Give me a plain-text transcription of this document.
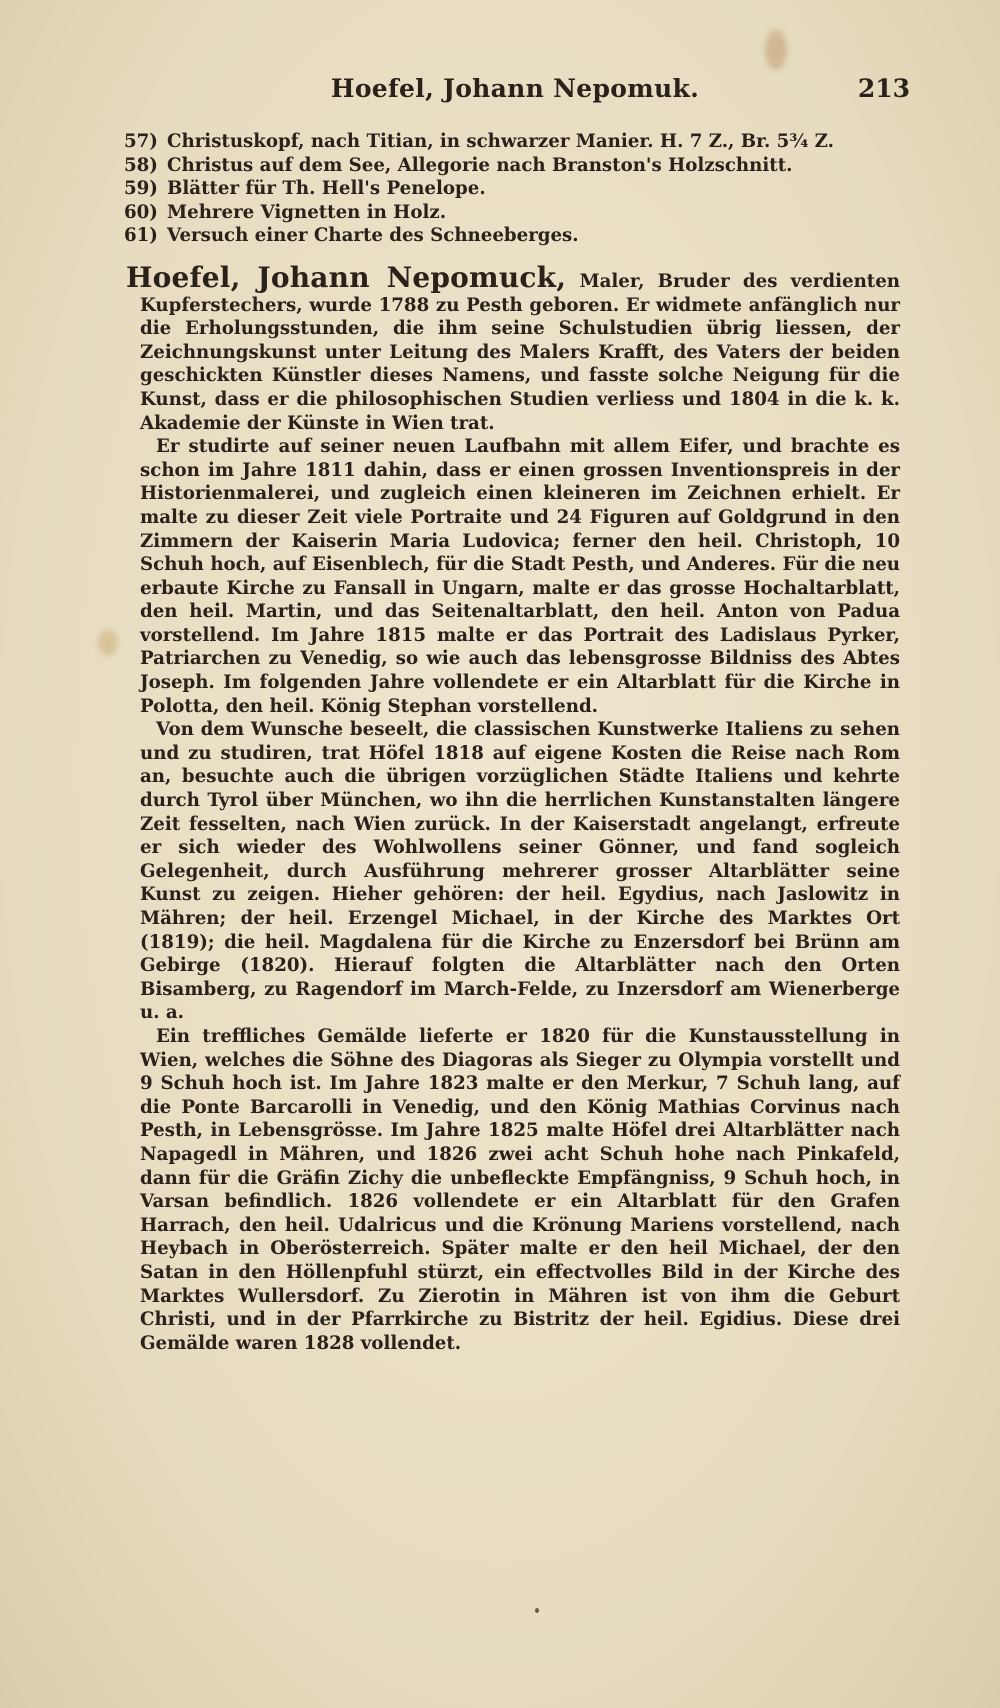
Hoefel, Johann Nepomuk.	213
57) Christuskopf, nach Titian, in schwarzer Manier. H. 7 Z., Br. 5¾ Z.
58) Christus auf dem See, Allegorie nach Branston's Holzschnitt.
59) Blätter für Th. Hell's Penelope.
60) Mehrere Vignetten in Holz.
61) Versuch einer Charte des Schneeberges.

Hoefel, Johann Nepomuck, Maler, Bruder des verdienten Kupferstechers, wurde 1788 zu Pesth geboren. Er widmete anfänglich nur die Erholungsstunden, die ihm seine Schulstudien übrig liessen, der Zeichnungskunst unter Leitung des Malers Krafft, des Vaters der beiden geschickten Künstler dieses Namens, und fasste solche Neigung für die Kunst, dass er die philosophischen Studien verliess und 1804 in die k. k. Akademie der Künste in Wien trat.

Er studirte auf seiner neuen Laufbahn mit allem Eifer, und brachte es schon im Jahre 1811 dahin, dass er einen grossen Inventionspreis in der Historienmalerei, und zugleich einen kleineren im Zeichnen erhielt. Er malte zu dieser Zeit viele Portraite und 24 Figuren auf Goldgrund in den Zimmern der Kaiserin Maria Ludovica; ferner den heil. Christoph, 10 Schuh hoch, auf Eisenblech, für die Stadt Pesth, und Anderes. Für die neu erbaute Kirche zu Fansall in Ungarn, malte er das grosse Hochaltarblatt, den heil. Martin, und das Seitenaltarblatt, den heil. Anton von Padua vorstellend. Im Jahre 1815 malte er das Portrait des Ladislaus Pyrker, Patriarchen zu Venedig, so wie auch das lebensgrosse Bildniss des Abtes Joseph. Im folgenden Jahre vollendete er ein Altarblatt für die Kirche in Polotta, den heil. König Stephan vorstellend.

Von dem Wunsche beseelt, die classischen Kunstwerke Italiens zu sehen und zu studiren, trat Höfel 1818 auf eigene Kosten die Reise nach Rom an, besuchte auch die übrigen vorzüglichen Städte Italiens und kehrte durch Tyrol über München, wo ihn die herrlichen Kunstanstalten längere Zeit fesselten, nach Wien zurück. In der Kaiserstadt angelangt, erfreute er sich wieder des Wohlwollens seiner Gönner, und fand sogleich Gelegenheit, durch Ausführung mehrerer grosser Altarblätter seine Kunst zu zeigen. Hieher gehören: der heil. Egydius, nach Jaslowitz in Mähren; der heil. Erzengel Michael, in der Kirche des Marktes Ort (1819); die heil. Magdalena für die Kirche zu Enzersdorf bei Brünn am Gebirge (1820). Hierauf folgten die Altarblätter nach den Orten Bisamberg, zu Ragendorf im March-Felde, zu Inzersdorf am Wienerberge u. a.

Ein treffliches Gemälde lieferte er 1820 für die Kunstausstellung in Wien, welches die Söhne des Diagoras als Sieger zu Olympia vorstellt und 9 Schuh hoch ist. Im Jahre 1823 malte er den Merkur, 7 Schuh lang, auf die Ponte Barcarolli in Venedig, und den König Mathias Corvinus nach Pesth, in Lebensgrösse. Im Jahre 1825 malte Höfel drei Altarblätter nach Napagedl in Mähren, und 1826 zwei acht Schuh hohe nach Pinkafeld, dann für die Gräfin Zichy die unbefleckte Empfängniss, 9 Schuh hoch, in Varsan befindlich. 1826 vollendete er ein Altarblatt für den Grafen Harrach, den heil. Udalricus und die Krönung Mariens vorstellend, nach Heybach in Oberösterreich. Später malte er den heil Michael, der den Satan in den Höllenpfuhl stürzt, ein effectvolles Bild in der Kirche des Marktes Wullersdorf. Zu Zierotin in Mähren ist von ihm die Geburt Christi, und in der Pfarrkirche zu Bistritz der heil. Egidius. Diese drei Gemälde waren 1828 vollendet.
